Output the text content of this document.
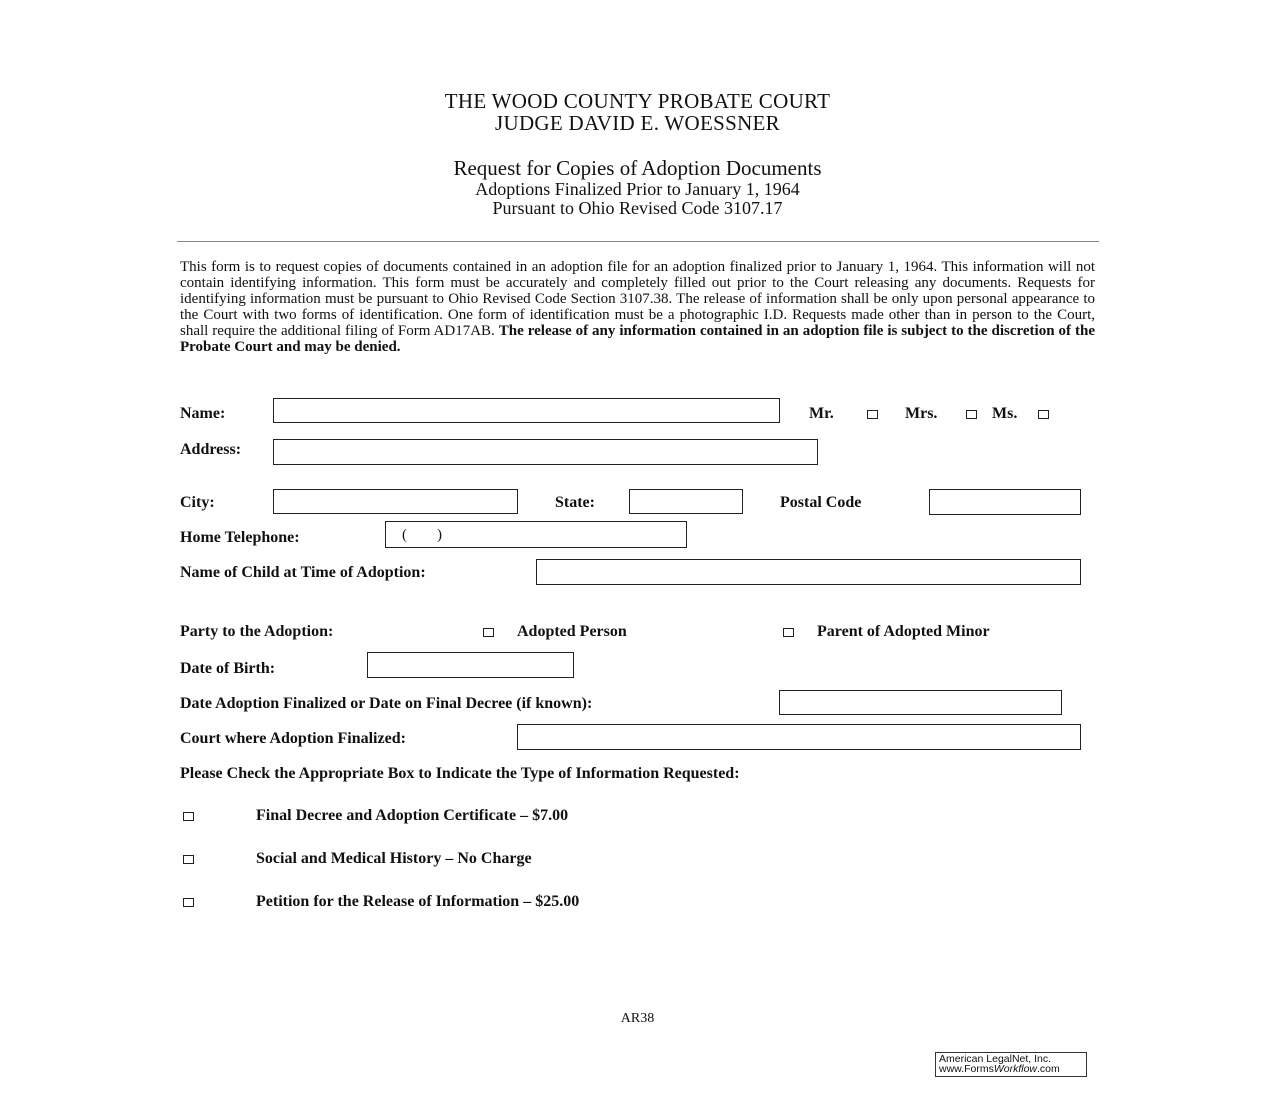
THE WOOD COUNTY PROBATE COURT
JUDGE DAVID E. WOESSNER
Request for Copies of Adoption Documents
Adoptions Finalized Prior to January 1, 1964
Pursuant to Ohio Revised Code 3107.17
This form is to request copies of documents contained in an adoption file for an adoption finalized prior to January 1, 1964. This information will not contain identifying information. This form must be accurately and completely filled out prior to the Court releasing any documents. Requests for identifying information must be pursuant to Ohio Revised Code Section 3107.38. The release of information shall be only upon personal appearance to the Court with two forms of identification. One form of identification must be a photographic I.D. Requests made other than in person to the Court, shall require the additional filing of Form AD17AB. The release of any information contained in an adoption file is subject to the discretion of the Probate Court and may be denied.
Name:	Mr.	Mrs.	Ms.
Address:
City:	State:	Postal Code
Home Telephone:	(        )
Name of Child at Time of Adoption:
Party to the Adoption:	Adopted Person	Parent of Adopted Minor
Date of Birth:
Date Adoption Finalized or Date on Final Decree (if known):
Court where Adoption Finalized:
Please Check the Appropriate Box to Indicate the Type of Information Requested:
Final Decree and Adoption Certificate – $7.00
Social and Medical History – No Charge
Petition for the Release of Information – $25.00
AR38
American LegalNet, Inc.
www.FormsWorkflow.com
